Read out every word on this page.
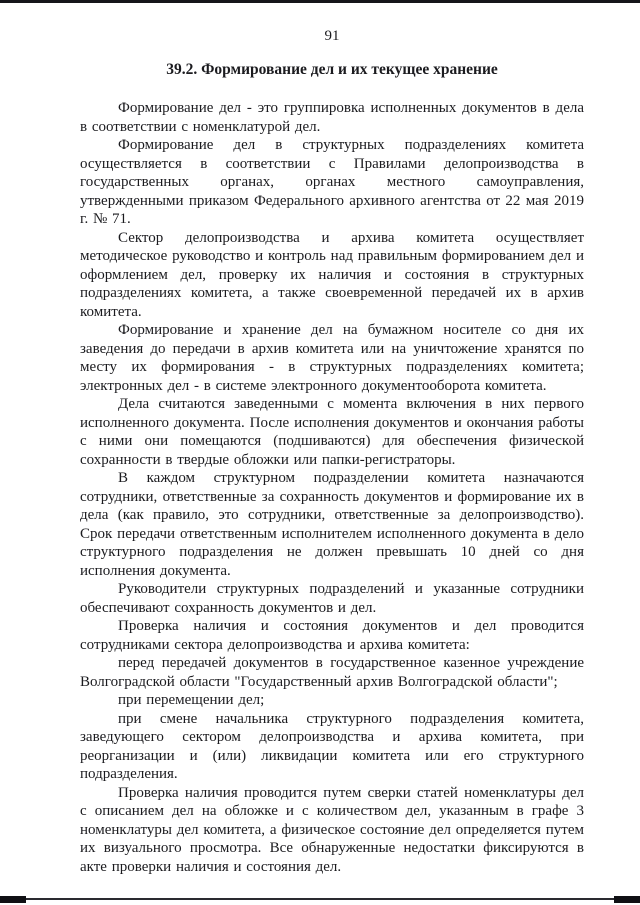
91

39.2. Формирование дел и их текущее хранение

Формирование дел - это группировка исполненных документов в дела в соответствии с номенклатурой дел.

Формирование дел в структурных подразделениях комитета осуществляется в соответствии с Правилами делопроизводства в государственных органах, органах местного самоуправления, утвержденными приказом Федерального архивного агентства от 22 мая 2019 г. № 71.

Сектор делопроизводства и архива комитета осуществляет методическое руководство и контроль над правильным формированием дел и оформлением дел, проверку их наличия и состояния в структурных подразделениях комитета, а также своевременной передачей их в архив комитета.

Формирование и хранение дел на бумажном носителе со дня их заведения до передачи в архив комитета или на уничтожение хранятся по месту их формирования - в структурных подразделениях комитета; электронных дел - в системе электронного документооборота комитета.

Дела считаются заведенными с момента включения в них первого исполненного документа. После исполнения документов и окончания работы с ними они помещаются (подшиваются) для обеспечения физической сохранности в твердые обложки или папки-регистраторы.

В каждом структурном подразделении комитета назначаются сотрудники, ответственные за сохранность документов и формирование их в дела (как правило, это сотрудники, ответственные за делопроизводство). Срок передачи ответственным исполнителем исполненного документа в дело структурного подразделения не должен превышать 10 дней со дня исполнения документа.

Руководители структурных подразделений и указанные сотрудники обеспечивают сохранность документов и дел.

Проверка наличия и состояния документов и дел проводится сотрудниками сектора делопроизводства и архива комитета:

перед передачей документов в государственное казенное учреждение Волгоградской области "Государственный архив Волгоградской области";

при перемещении дел;

при смене начальника структурного подразделения комитета, заведующего сектором делопроизводства и архива комитета, при реорганизации и (или) ликвидации комитета или его структурного подразделения.

Проверка наличия проводится путем сверки статей номенклатуры дел с описанием дел на обложке и с количеством дел, указанным в графе 3 номенклатуры дел комитета, а физическое состояние дел определяется путем их визуального просмотра. Все обнаруженные недостатки фиксируются в акте проверки наличия и состояния дел.
